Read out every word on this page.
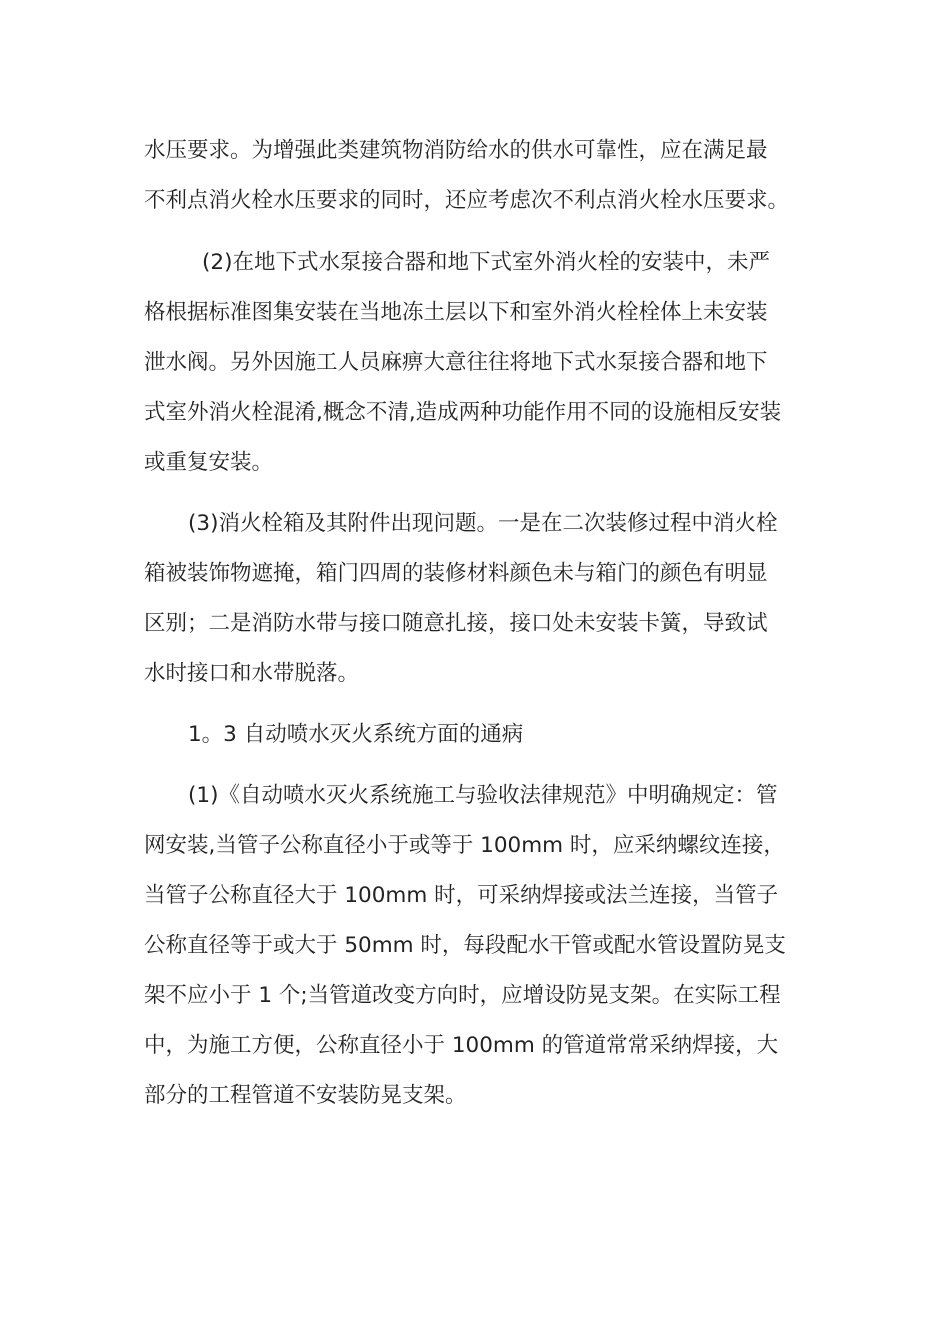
水压要求。为增强此类建筑物消防给水的供水可靠性，应在满足最
不利点消火栓水压要求的同时，还应考虑次不利点消火栓水压要求。
(2)在地下式水泵接合器和地下式室外消火栓的安装中，未严
格根据标准图集安装在当地冻土层以下和室外消火栓栓体上未安装
泄水阀。另外因施工人员麻痹大意往往将地下式水泵接合器和地下
式室外消火栓混淆,概念不清,造成两种功能作用不同的设施相反安装
或重复安装。
(3)消火栓箱及其附件出现问题。一是在二次装修过程中消火栓
箱被装饰物遮掩，箱门四周的装修材料颜色未与箱门的颜色有明显
区别；二是消防水带与接口随意扎接，接口处未安装卡簧，导致试
水时接口和水带脱落。
1。3 自动喷水灭火系统方面的通病
(1)《自动喷水灭火系统施工与验收法律规范》中明确规定：管
网安装,当管子公称直径小于或等于 100mm 时，应采纳螺纹连接，
当管子公称直径大于 100mm 时，可采纳焊接或法兰连接，当管子
公称直径等于或大于 50mm 时，每段配水干管或配水管设置防晃支
架不应小于 1 个;当管道改变方向时，应增设防晃支架。在实际工程
中，为施工方便，公称直径小于 100mm 的管道常常采纳焊接，大
部分的工程管道不安装防晃支架。
